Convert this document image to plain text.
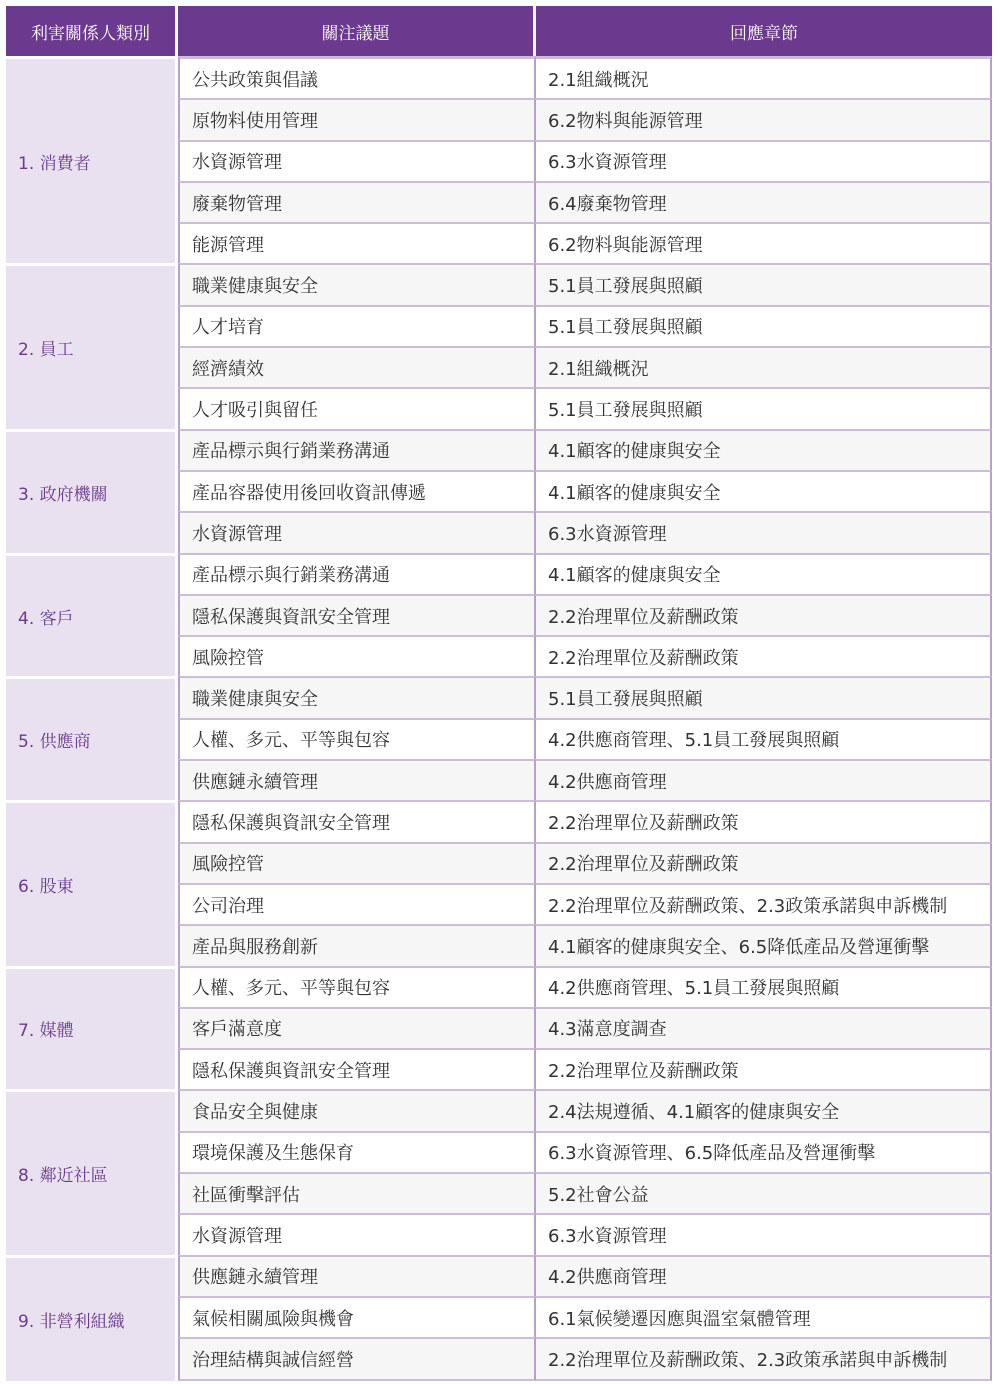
利害關係人類別	關注議題	回應章節
1. 消費者	公共政策與倡議	2.1組織概況
	原物料使用管理	6.2物料與能源管理
	水資源管理	6.3水資源管理
	廢棄物管理	6.4廢棄物管理
	能源管理	6.2物料與能源管理
2. 員工	職業健康與安全	5.1員工發展與照顧
	人才培育	5.1員工發展與照顧
	經濟績效	2.1組織概況
	人才吸引與留任	5.1員工發展與照顧
3. 政府機關	產品標示與行銷業務溝通	4.1顧客的健康與安全
	產品容器使用後回收資訊傳遞	4.1顧客的健康與安全
	水資源管理	6.3水資源管理
4. 客戶	產品標示與行銷業務溝通	4.1顧客的健康與安全
	隱私保護與資訊安全管理	2.2治理單位及薪酬政策
	風險控管	2.2治理單位及薪酬政策
5. 供應商	職業健康與安全	5.1員工發展與照顧
	人權、多元、平等與包容	4.2供應商管理、5.1員工發展與照顧
	供應鏈永續管理	4.2供應商管理
6. 股東	隱私保護與資訊安全管理	2.2治理單位及薪酬政策
	風險控管	2.2治理單位及薪酬政策
	公司治理	2.2治理單位及薪酬政策、2.3政策承諾與申訴機制
	產品與服務創新	4.1顧客的健康與安全、6.5降低產品及營運衝擊
7. 媒體	人權、多元、平等與包容	4.2供應商管理、5.1員工發展與照顧
	客戶滿意度	4.3滿意度調查
	隱私保護與資訊安全管理	2.2治理單位及薪酬政策
8. 鄰近社區	食品安全與健康	2.4法規遵循、4.1顧客的健康與安全
	環境保護及生態保育	6.3水資源管理、6.5降低產品及營運衝擊
	社區衝擊評估	5.2社會公益
	水資源管理	6.3水資源管理
9. 非營利組織	供應鏈永續管理	4.2供應商管理
	氣候相關風險與機會	6.1氣候變遷因應與溫室氣體管理
	治理結構與誠信經營	2.2治理單位及薪酬政策、2.3政策承諾與申訴機制
